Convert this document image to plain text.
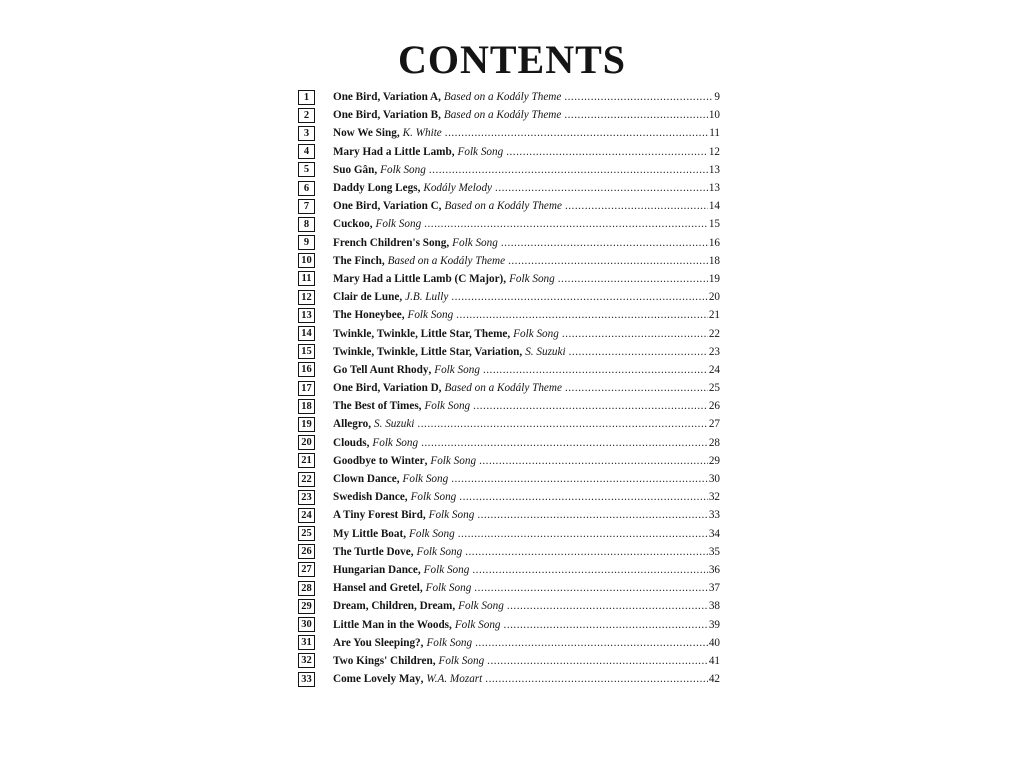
CONTENTS
1	One Bird , Variation A, Based on a Kodály Theme .....	9
2	One Bird , Variation B, Based on a Kodály Theme .....	10
3	Now We Sing , K. White .....	11
4	Mary Had a Little Lamb , Folk Song .....	12
5	Suo Gân , Folk Song .....	13
6	Daddy Long Legs , Kodály Melody .....	13
7	One Bird , Variation C, Based on a Kodály Theme .....	14
8	Cuckoo , Folk Song .....	15
9	French Children's Song , Folk Song .....	16
10 The Finch , Based on a Kodály Theme .....	18
11	Mary Had a Little Lamb (C Major) , Folk Song .....	19
12 Clair de Lune , J.B. Lully .....	20
13 The Honeybee , Folk Song .....	21
14 Twinkle, Twinkle, Little Star, Theme , Folk Song .....	22
15 Twinkle, Twinkle, Little Star, Variation , S. Suzuki .....	23
16 Go Tell Aunt Rhody , Folk Song .....	24
17 One Bird , Variation D, Based on a Kodály Theme .....	25
18 The Best of Times , Folk Song .....	26
19 Allegro , S. Suzuki .....	27
20 Clouds , Folk Song .....	28
21 Goodbye to Winter , Folk Song .....	29
22 Clown Dance , Folk Song .....	30
23 Swedish Dance , Folk Song .....	32
24 A Tiny Forest Bird , Folk Song .....	33
25 My Little Boat , Folk Song .....	34
26 The Turtle Dove , Folk Song .....	35
27 Hungarian Dance , Folk Song .....	36
28 Hansel and Gretel , Folk Song .....	37
29 Dream, Children, Dream , Folk Song .....	38
30 Little Man in the Woods , Folk Song .....	39
31 Are You Sleeping? , Folk Song .....	40
32 Two Kings' Children , Folk Song .....	41
33 Come Lovely May , W.A. Mozart .....	42
